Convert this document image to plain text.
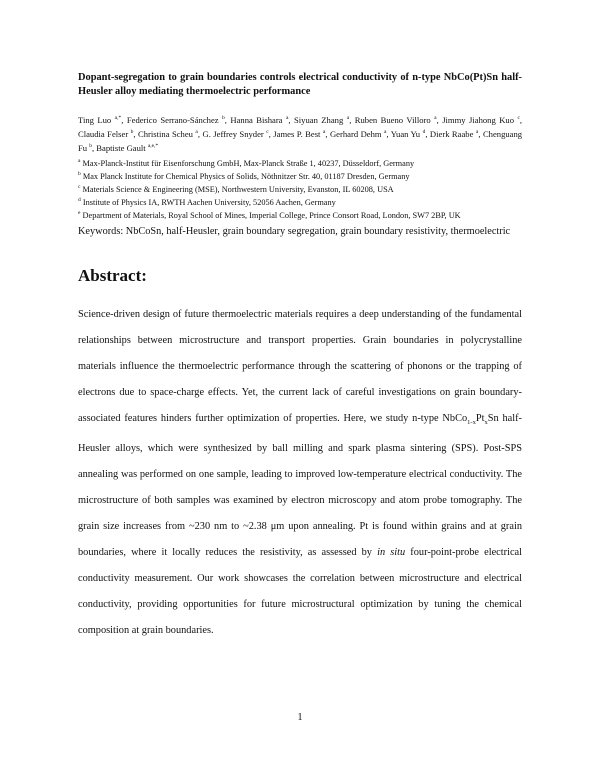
Dopant-segregation to grain boundaries controls electrical conductivity of n-type NbCo(Pt)Sn half-Heusler alloy mediating thermoelectric performance
Ting Luo $^{a,*}$, Federico Serrano-Sánchez $^b$, Hanna Bishara $^a$, Siyuan Zhang $^a$, Ruben Bueno Villoro $^a$, Jimmy Jiahong Kuo $^c$, Claudia Felser $^b$, Christina Scheu $^a$, G. Jeffrey Snyder $^c$, James P. Best $^a$, Gerhard Dehm $^a$, Yuan Yu $^d$, Dierk Raabe $^a$, Chenguang Fu $^b$, Baptiste Gault $^{a,e,*}$
$^a$ Max-Planck-Institut für Eisenforschung GmbH, Max-Planck Straße 1, 40237, Düsseldorf, Germany
$^b$ Max Planck Institute for Chemical Physics of Solids, Nöthnitzer Str. 40, 01187 Dresden, Germany
$^c$ Materials Science & Engineering (MSE), Northwestern University, Evanston, IL 60208, USA
$^d$ Institute of Physics IA, RWTH Aachen University, 52056 Aachen, Germany
$^e$ Department of Materials, Royal School of Mines, Imperial College, Prince Consort Road, London, SW7 2BP, UK
Keywords: NbCoSn, half-Heusler, grain boundary segregation, grain boundary resistivity, thermoelectric
Abstract:
Science-driven design of future thermoelectric materials requires a deep understanding of the fundamental relationships between microstructure and transport properties. Grain boundaries in polycrystalline materials influence the thermoelectric performance through the scattering of phonons or the trapping of electrons due to space-charge effects. Yet, the current lack of careful investigations on grain boundary-associated features hinders further optimization of properties. Here, we study n-type $NbCo_{1-x}Pt_xSn$ half-Heusler alloys, which were synthesized by ball milling and spark plasma sintering (SPS). Post-SPS annealing was performed on one sample, leading to improved low-temperature electrical conductivity. The microstructure of both samples was examined by electron microscopy and atom probe tomography. The grain size increases from ~230 nm to ~2.38 μm upon annealing. Pt is found within grains and at grain boundaries, where it locally reduces the resistivity, as assessed by in situ four-point-probe electrical conductivity measurement. Our work showcases the correlation between microstructure and electrical conductivity, providing opportunities for future microstructural optimization by tuning the chemical composition at grain boundaries.
1
